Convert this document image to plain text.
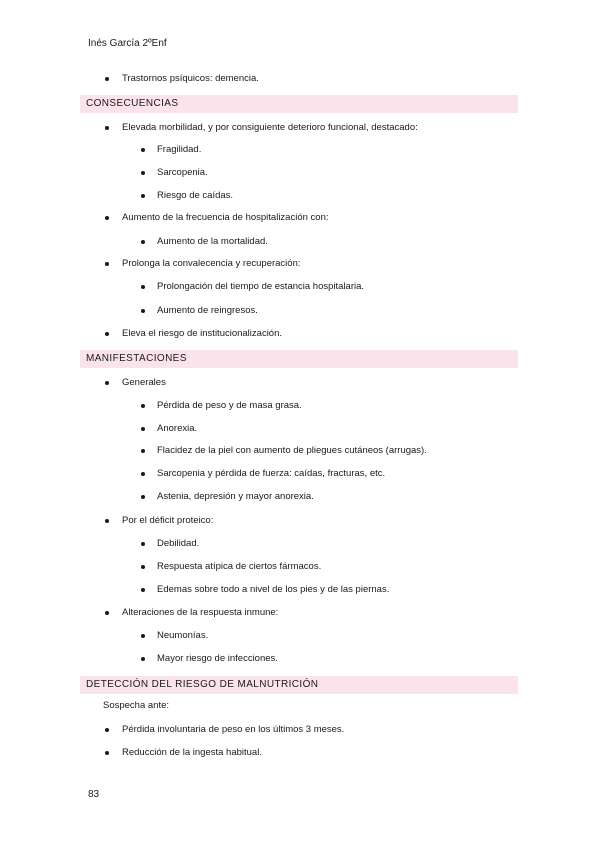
Inés García 2ºEnf
Trastornos psíquicos: demencia.
CONSECUENCIAS
Elevada morbilidad, y por consiguiente deterioro funcional, destacado:
Fragilidad.
Sarcopenia.
Riesgo de caídas.
Aumento de la frecuencia de hospitalización con:
Aumento de la mortalidad.
Prolonga la convalecencia y recuperación:
Prolongación del tiempo de estancia hospitalaria.
Aumento de reingresos.
Eleva el riesgo de institucionalización.
MANIFESTACIONES
Generales
Pérdida de peso y de masa grasa.
Anorexia.
Flacidez de la piel con aumento de pliegues cutáneos (arrugas).
Sarcopenia y pérdida de fuerza: caídas, fracturas, etc.
Astenia, depresión y mayor anorexia.
Por el déficit proteico:
Debilidad.
Respuesta atípica de ciertos fármacos.
Edemas sobre todo a nivel de los pies y de las piernas.
Alteraciones de la respuesta inmune:
Neumonías.
Mayor riesgo de infecciones.
DETECCIÓN DEL RIESGO DE MALNUTRICIÓN
Sospecha ante:
Pérdida involuntaria de peso en los últimos 3 meses.
Reducción de la ingesta habitual.
83
